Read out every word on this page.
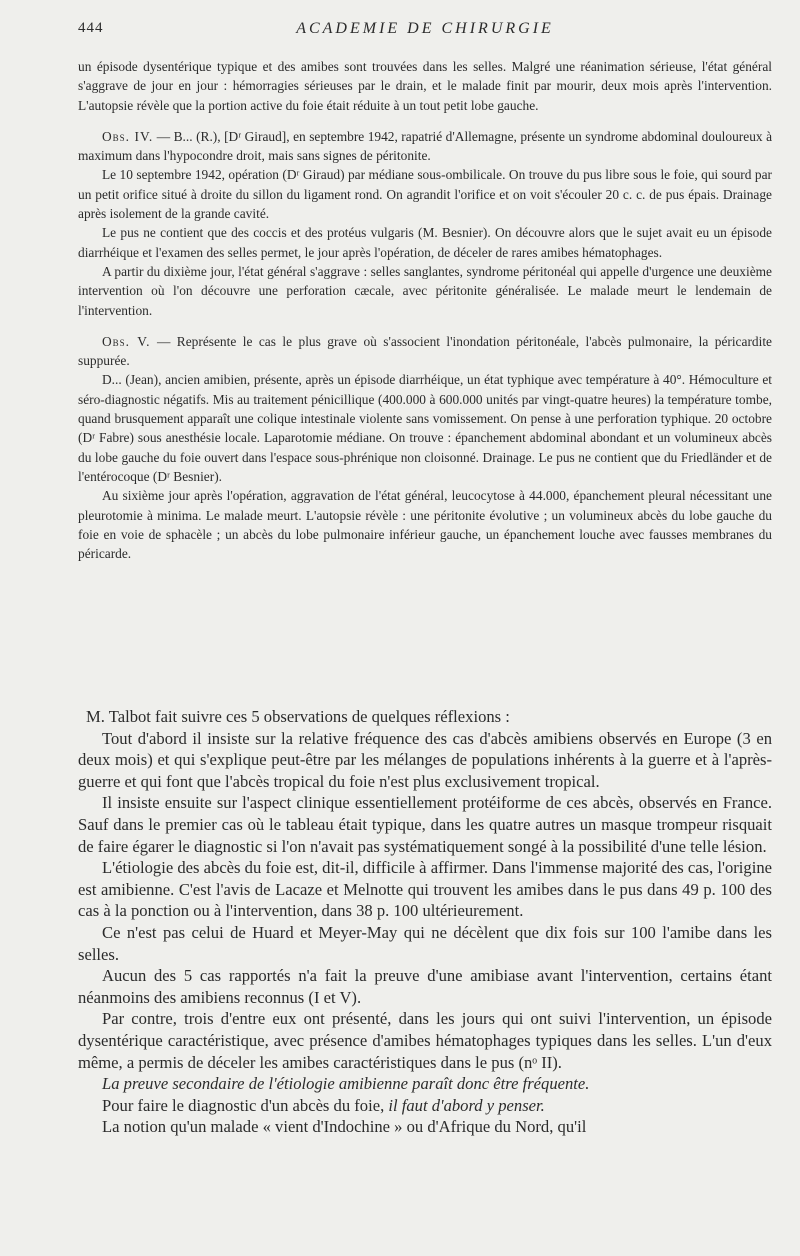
444	ACADEMIE DE CHIRURGIE

un épisode dysentérique typique et des amibes sont trouvées dans les selles. Malgré une réanimation sérieuse, l'état général s'aggrave de jour en jour : hémorragies sérieuses par le drain, et le malade finit par mourir, deux mois après l'intervention. L'autopsie révèle que la portion active du foie était réduite à un tout petit lobe gauche.

Obs. IV. — B... (R.), [Dʳ Giraud], en septembre 1942, rapatrié d'Allemagne, présente un syndrome abdominal douloureux à maximum dans l'hypocondre droit, mais sans signes de péritonite.

Le 10 septembre 1942, opération (Dʳ Giraud) par médiane sous-ombilicale. On trouve du pus libre sous le foie, qui sourd par un petit orifice situé à droite du sillon du ligament rond. On agrandit l'orifice et on voit s'écouler 20 c. c. de pus épais. Drainage après isolement de la grande cavité.

Le pus ne contient que des coccis et des protéus vulgaris (M. Besnier). On découvre alors que le sujet avait eu un épisode diarrhéique et l'examen des selles permet, le jour après l'opération, de déceler de rares amibes hématophages.

A partir du dixième jour, l'état général s'aggrave : selles sanglantes, syndrome péritonéal qui appelle d'urgence une deuxième intervention où l'on découvre une perforation cæcale, avec péritonite généralisée. Le malade meurt le lendemain de l'intervention.

Obs. V. — Représente le cas le plus grave où s'associent l'inondation péritonéale, l'abcès pulmonaire, la péricardite suppurée.

D... (Jean), ancien amibien, présente, après un épisode diarrhéique, un état typhique avec température à 40°. Hémoculture et séro-diagnostic négatifs. Mis au traitement pénicillique (400.000 à 600.000 unités par vingt-quatre heures) la température tombe, quand brusquement apparaît une colique intestinale violente sans vomissement. On pense à une perforation typhique. 20 octobre (Dʳ Fabre) sous anesthésie locale. Laparotomie médiane. On trouve : épanchement abdominal abondant et un volumineux abcès du lobe gauche du foie ouvert dans l'espace sous-phrénique non cloisonné. Drainage. Le pus ne contient que du Friedländer et de l'entérocoque (Dʳ Besnier).

Au sixième jour après l'opération, aggravation de l'état général, leucocytose à 44.000, épanchement pleural nécessitant une pleurotomie à minima. Le malade meurt. L'autopsie révèle : une péritonite évolutive ; un volumineux abcès du lobe gauche du foie en voie de sphacèle ; un abcès du lobe pulmonaire inférieur gauche, un épanchement louche avec fausses membranes du péricarde.

M. Talbot fait suivre ces 5 observations de quelques réflexions :

Tout d'abord il insiste sur la relative fréquence des cas d'abcès amibiens observés en Europe (3 en deux mois) et qui s'explique peut-être par les mélanges de populations inhérents à la guerre et à l'après-guerre et qui font que l'abcès tropical du foie n'est plus exclusivement tropical.

Il insiste ensuite sur l'aspect clinique essentiellement protéiforme de ces abcès, observés en France. Sauf dans le premier cas où le tableau était typique, dans les quatre autres un masque trompeur risquait de faire égarer le diagnostic si l'on n'avait pas systématiquement songé à la possibilité d'une telle lésion.

L'étiologie des abcès du foie est, dit-il, difficile à affirmer. Dans l'immense majorité des cas, l'origine est amibienne. C'est l'avis de Lacaze et Melnotte qui trouvent les amibes dans le pus dans 49 p. 100 des cas à la ponction ou à l'intervention, dans 38 p. 100 ultérieurement.

Ce n'est pas celui de Huard et Meyer-May qui ne décèlent que dix fois sur 100 l'amibe dans les selles.

Aucun des 5 cas rapportés n'a fait la preuve d'une amibiase avant l'intervention, certains étant néanmoins des amibiens reconnus (I et V).

Par contre, trois d'entre eux ont présenté, dans les jours qui ont suivi l'intervention, un épisode dysentérique caractéristique, avec présence d'amibes hématophages typiques dans les selles. L'un d'eux même, a permis de déceler les amibes caractéristiques dans le pus (nᵒ II).

La preuve secondaire de l'étiologie amibienne paraît donc être fréquente.

Pour faire le diagnostic d'un abcès du foie, il faut d'abord y penser.

La notion qu'un malade « vient d'Indochine » ou d'Afrique du Nord, qu'il
